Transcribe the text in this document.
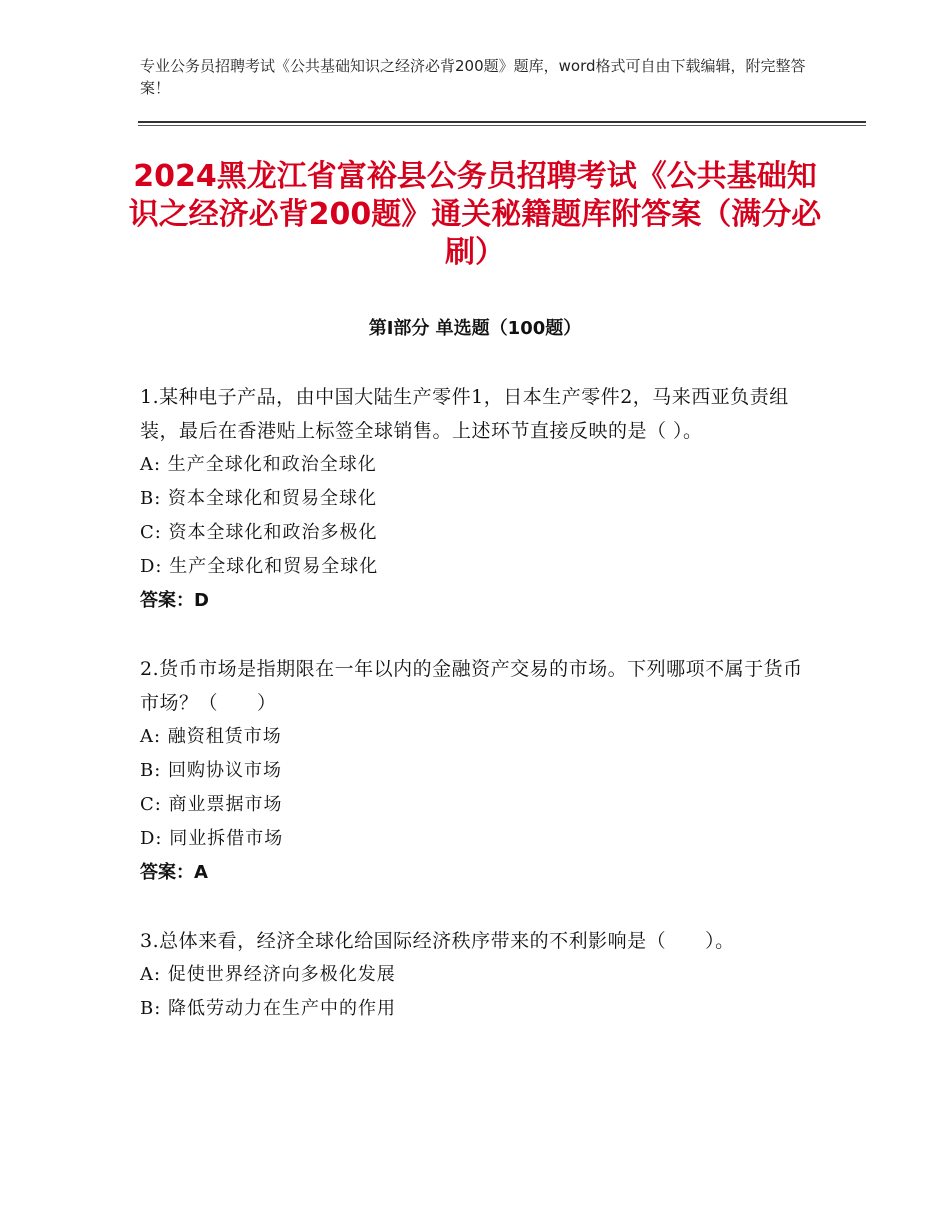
专业公务员招聘考试《公共基础知识之经济必背200题》题库，word格式可自由下载编辑，附完整答案！
2024黑龙江省富裕县公务员招聘考试《公共基础知识之经济必背200题》通关秘籍题库附答案（满分必刷）
第I部分 单选题（100题）

1.某种电子产品，由中国大陆生产零件1，日本生产零件2，马来西亚负责组装，最后在香港贴上标签全球销售。上述环节直接反映的是（ ）。

A: 生产全球化和政治全球化

B: 资本全球化和贸易全球化

C: 资本全球化和政治多极化

D: 生产全球化和贸易全球化

答案：D

2.货币市场是指期限在一年以内的金融资产交易的市场。下列哪项不属于货币市场？（　　）

A: 融资租赁市场

B: 回购协议市场

C: 商业票据市场

D: 同业拆借市场

答案：A

3.总体来看，经济全球化给国际经济秩序带来的不利影响是（　　）。

A: 促使世界经济向多极化发展

B: 降低劳动力在生产中的作用
